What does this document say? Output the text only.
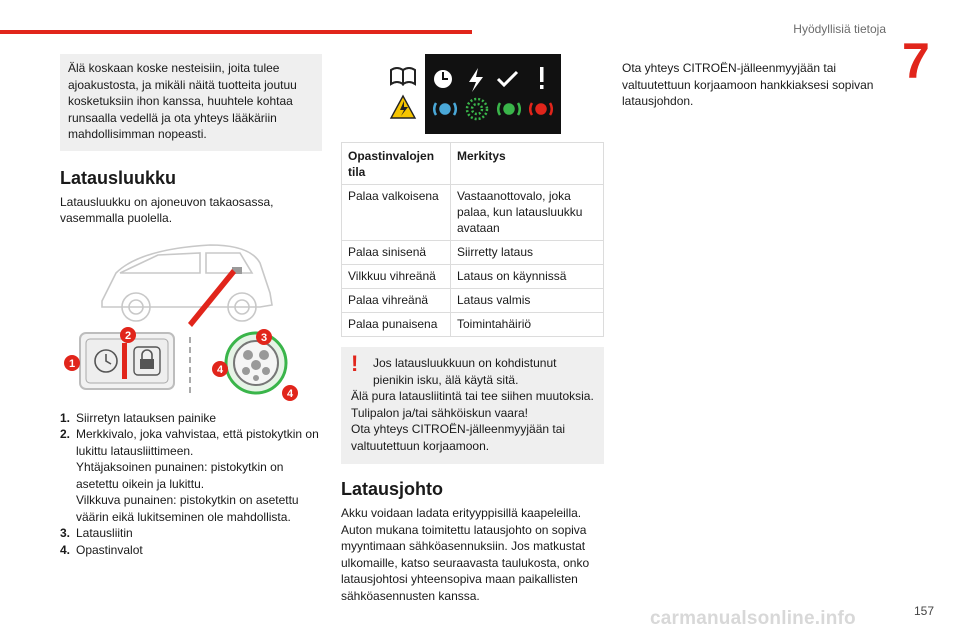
Hyödyllisiä tietoja
7

Älä koskaan koske nesteisiin, joita tulee ajoakustosta, ja mikäli näitä tuotteita joutuu kosketuksiin ihon kanssa, huuhtele kohtaa runsaalla vedellä ja ota yhteys lääkäriin mahdollisimman nopeasti.

Latausluukku

Latausluukku on ajoneuvon takaosassa, vasemmalla puolella.

1
2	3
4
4
1. Siirretyn latauksen painike
2. Merkkivalo, joka vahvistaa, että pistokytkin on lukittu latausliittimeen.
Yhtäjaksoinen punainen: pistokytkin on asetettu oikein ja lukittu.
Vilkkuva punainen: pistokytkin on asetettu väärin eikä lukitseminen ole mahdollista.
3. Latausliitin
4. Opastinvalot
Opastinvalojen tila	Merkitys
Palaa valkoisena	Vastaanottovalo, joka palaa, kun latausluukku avataan
Palaa sinisenä	Siirretty lataus
Vilkkuu vihreänä	Lataus on käynnissä
Palaa vihreänä	Lataus valmis
Palaa punaisena	Toimintahäiriö
!	Jos latausluukkuun on kohdistunut pienikin isku, älä käytä sitä.

Älä pura latausliitintä tai tee siihen muutoksia.

Tulipalon ja/tai sähköiskun vaara!

Ota yhteys CITROËN-jälleenmyyjään tai valtuutettuun korjaamoon.

Latausjohto

Akku voidaan ladata erityyppisillä kaapeleilla. Auton mukana toimitettu latausjohto on sopiva myyntimaan sähköasennuksiin. Jos matkustat ulkomaille, katso seuraavasta taulukosta, onko latausjohtosi yhteensopiva maan paikallisten sähköasennusten kanssa.

Ota yhteys CITROËN-jälleenmyyjään tai valtuutettuun korjaamoon hankkiaksesi sopivan latausjohdon.

carmanualsonline.info	157
